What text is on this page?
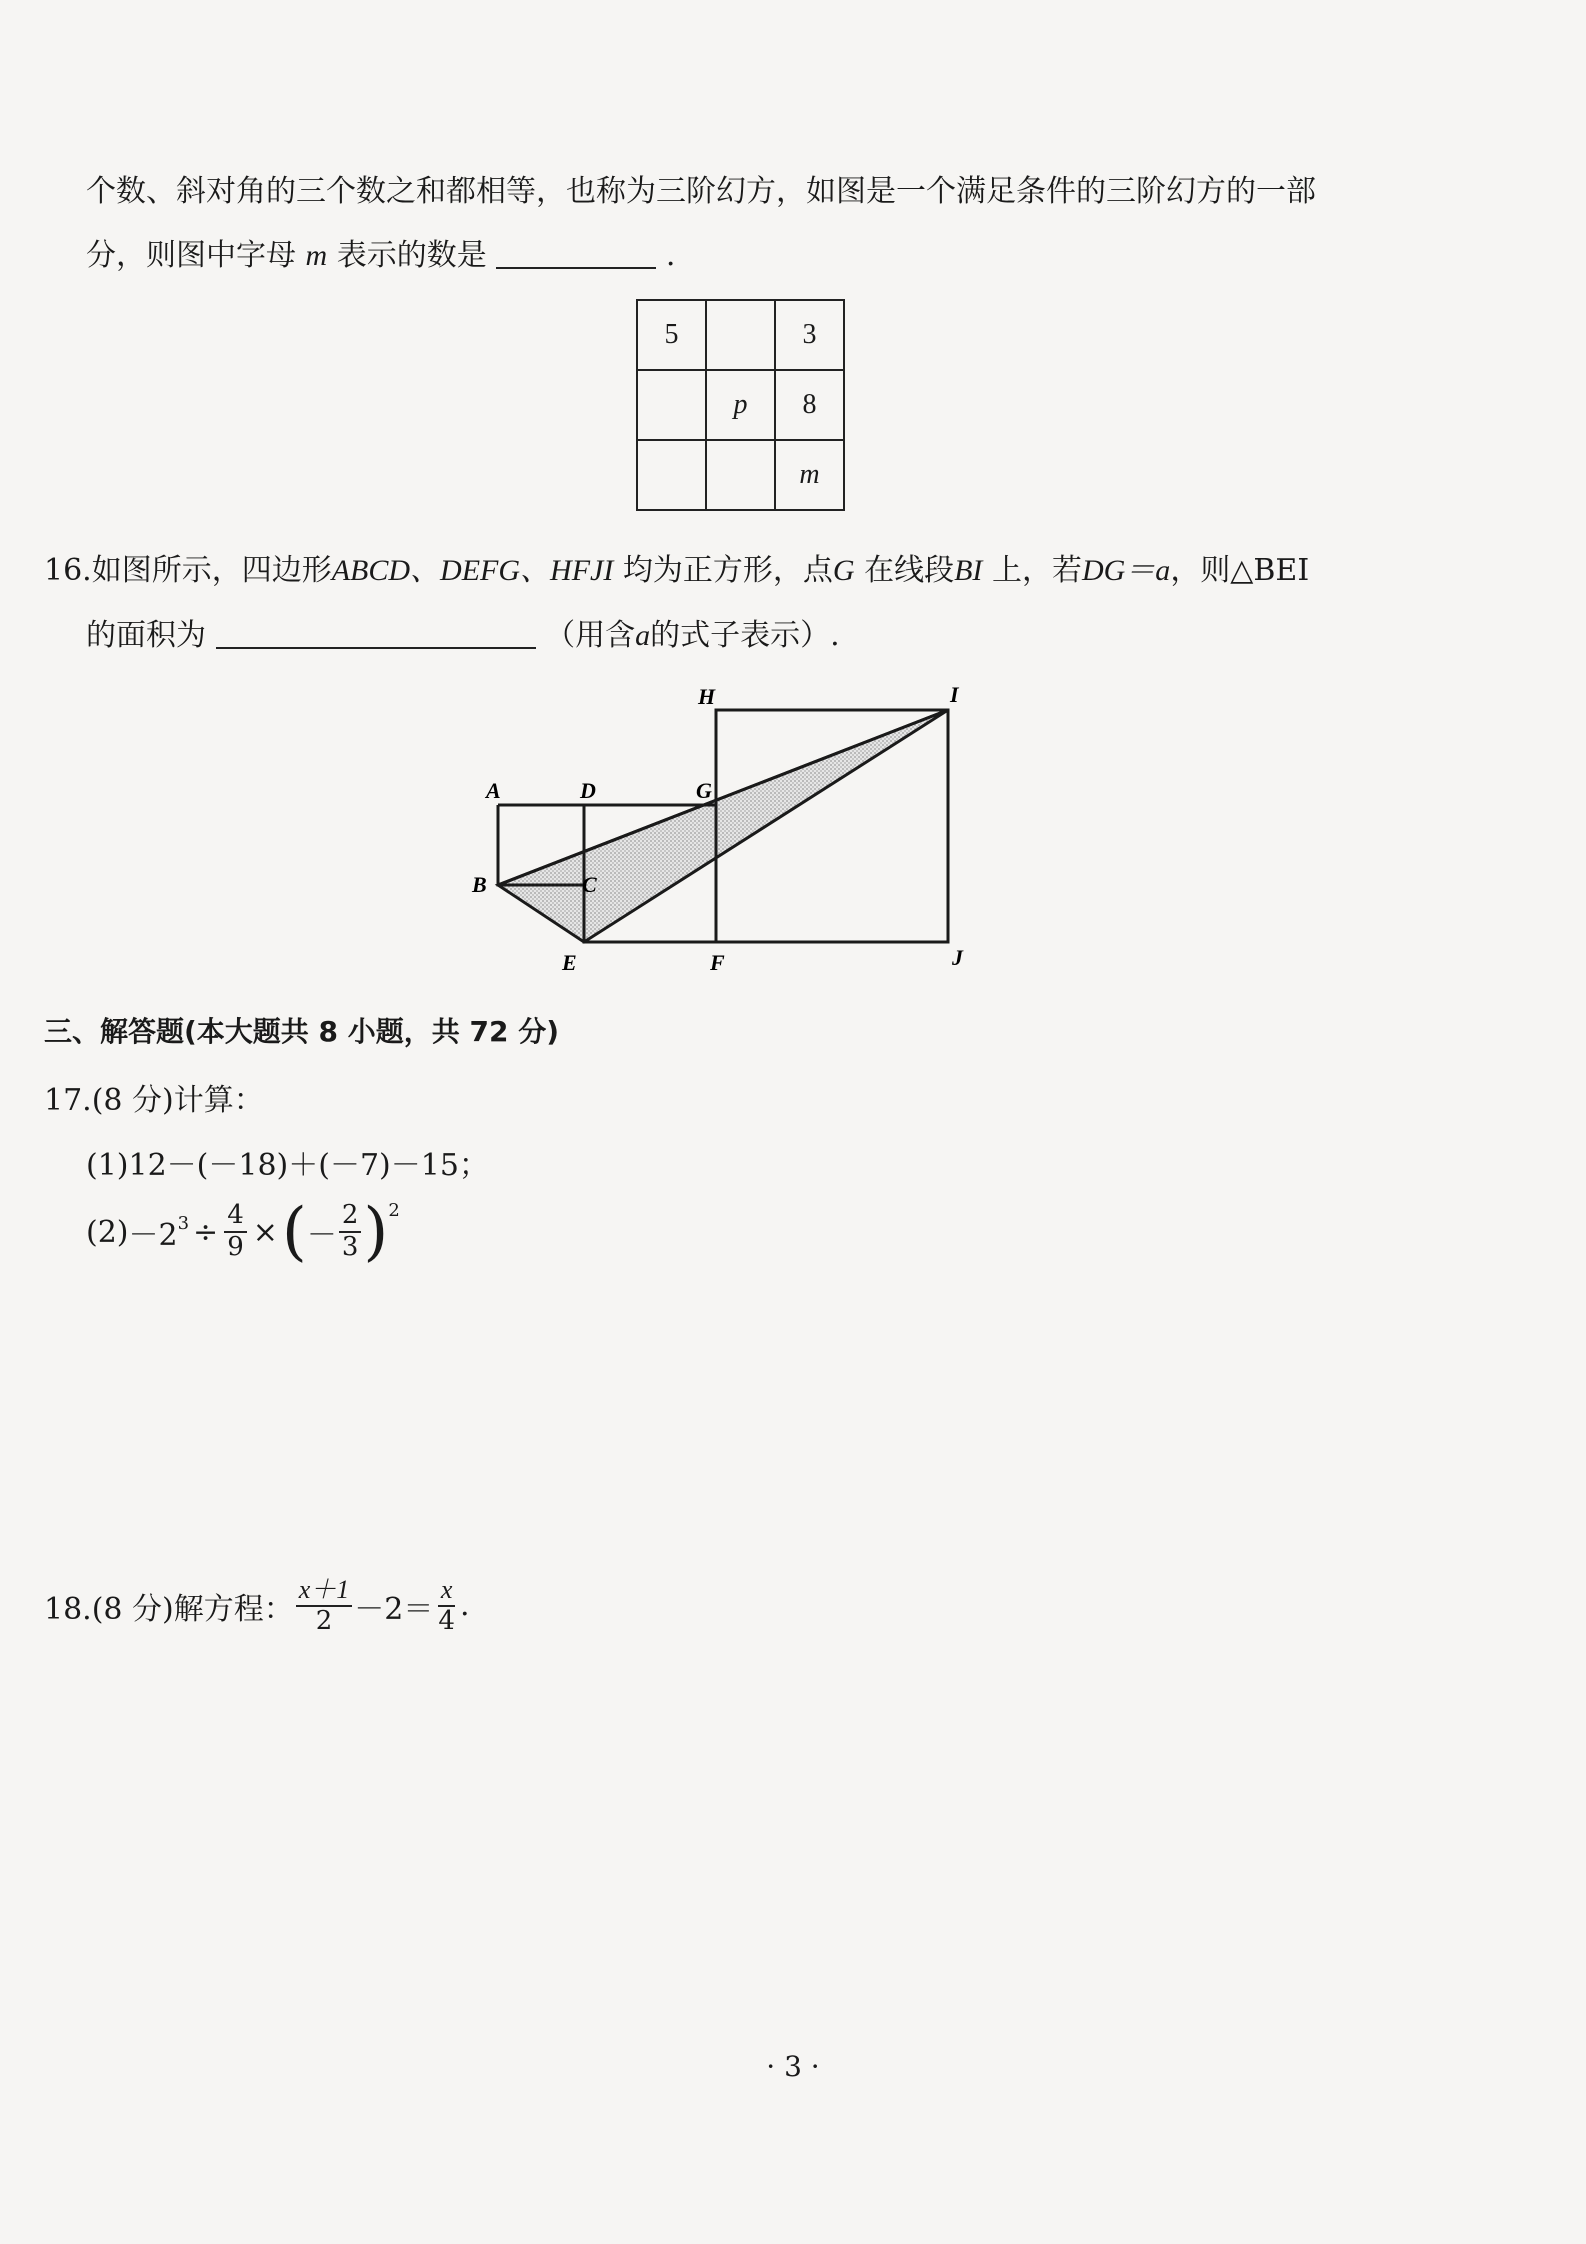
个数、斜对角的三个数之和都相等，也称为三阶幻方，如图是一个满足条件的三阶幻方的一部
分，则图中字母 m 表示的数是	.
5		3
	p	8
		m
16.如图所示，四边形ABCD、DEFG、HFJI 均为正方形，点G 在线段BI 上，若DG＝a，则△BEI
的面积为	（用含a的式子表示）.
A	D	G
H	I
B	C
E	F	J
三、解答题(本大题共 8 小题，共 72 分)
17.(8 分)计算：
(1)12－(－18)＋(－7)－15；
$(2) -2^3 \div \frac{4}{9}$ × ( － $\frac{2}{3} )^2$
18.(8 分)解方程： $\frac{x+1}{2} -2= \frac{x}{4}$ .
· 3 ·
